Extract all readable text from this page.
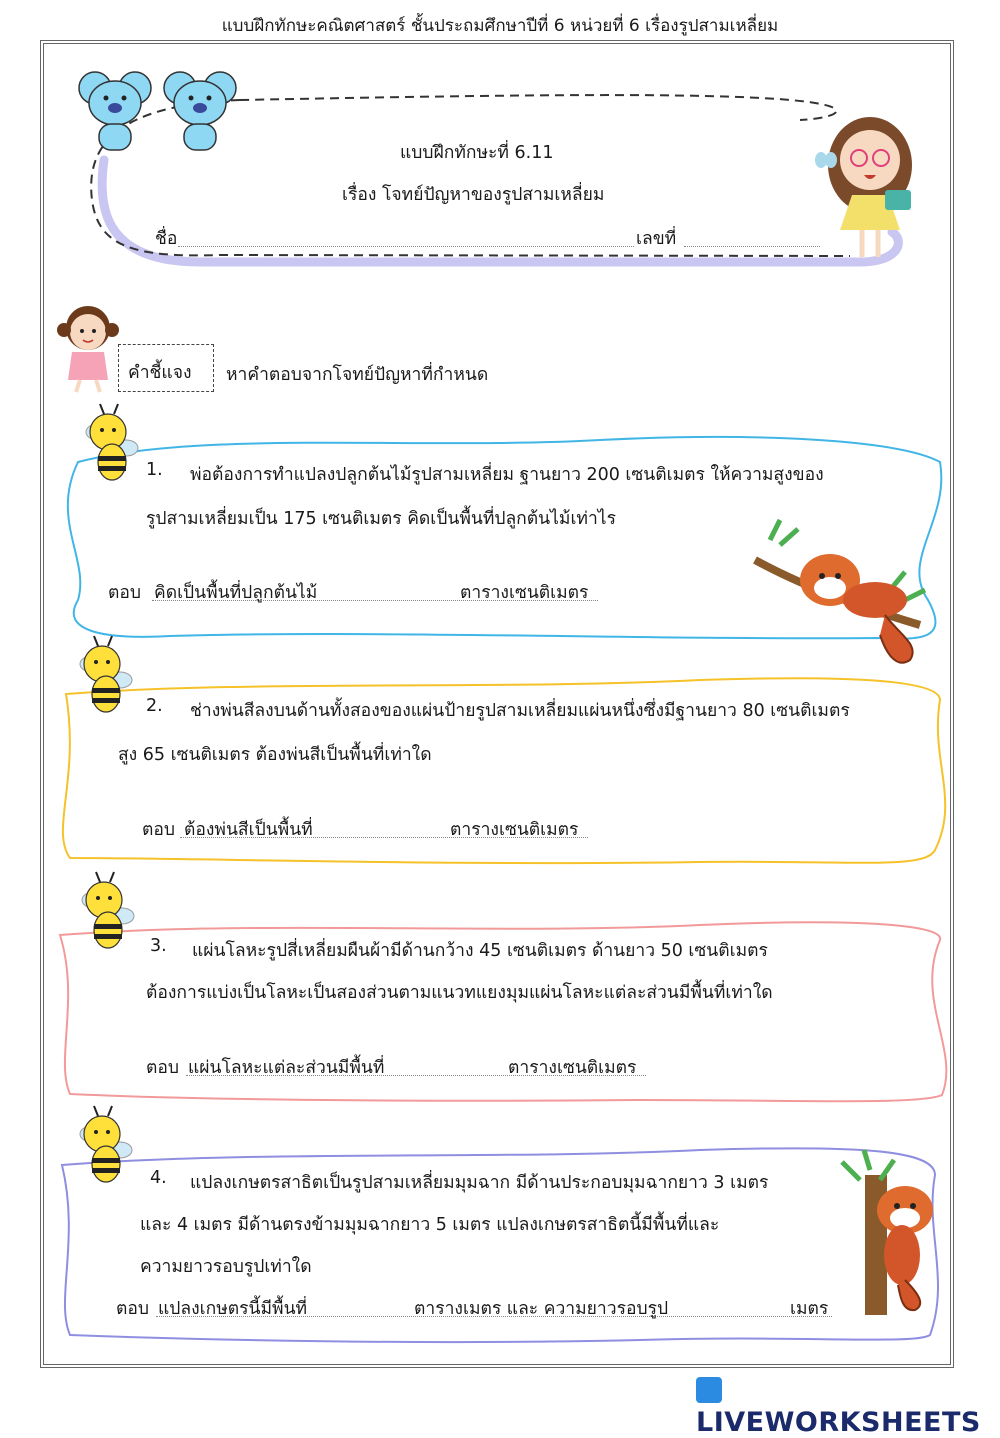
แบบฝึกทักษะคณิตศาสตร์ ชั้นประถมศึกษาปีที่ 6 หน่วยที่ 6 เรื่องรูปสามเหลี่ยม
แบบฝึกทักษะที่ 6.11
เรื่อง โจทย์ปัญหาของรูปสามเหลี่ยม
ชื่อ	เลขที่
คำชี้แจง หาคำตอบจากโจทย์ปัญหาที่กำหนด
1. พ่อต้องการทำแปลงปลูกต้นไม้รูปสามเหลี่ยม ฐานยาว 200 เซนติเมตร ให้ความสูงของ
รูปสามเหลี่ยมเป็น 175 เซนติเมตร คิดเป็นพื้นที่ปลูกต้นไม้เท่าไร
ตอบ คิดเป็นพื้นที่ปลูกต้นไม้	ตารางเซนติเมตร
2. ช่างพ่นสีลงบนด้านทั้งสองของแผ่นป้ายรูปสามเหลี่ยมแผ่นหนึ่งซึ่งมีฐานยาว 80 เซนติเมตร
สูง 65 เซนติเมตร ต้องพ่นสีเป็นพื้นที่เท่าใด
ตอบ ต้องพ่นสีเป็นพื้นที่	ตารางเซนติเมตร
3. แผ่นโลหะรูปสี่เหลี่ยมผืนผ้ามีด้านกว้าง 45 เซนติเมตร ด้านยาว 50 เซนติเมตร
ต้องการแบ่งเป็นโลหะเป็นสองส่วนตามแนวทแยงมุมแผ่นโลหะแต่ละส่วนมีพื้นที่เท่าใด
ตอบ แผ่นโลหะแต่ละส่วนมีพื้นที่	ตารางเซนติเมตร
4. แปลงเกษตรสาธิตเป็นรูปสามเหลี่ยมมุมฉาก มีด้านประกอบมุมฉากยาว 3 เมตร
และ 4 เมตร มีด้านตรงข้ามมุมฉากยาว 5 เมตร แปลงเกษตรสาธิตนี้มีพื้นที่และ
ความยาวรอบรูปเท่าใด
ตอบ แปลงเกษตรนี้มีพื้นที่	ตารางเมตร และ ความยาวรอบรูป	เมตร
LIVEWORKSHEETS
